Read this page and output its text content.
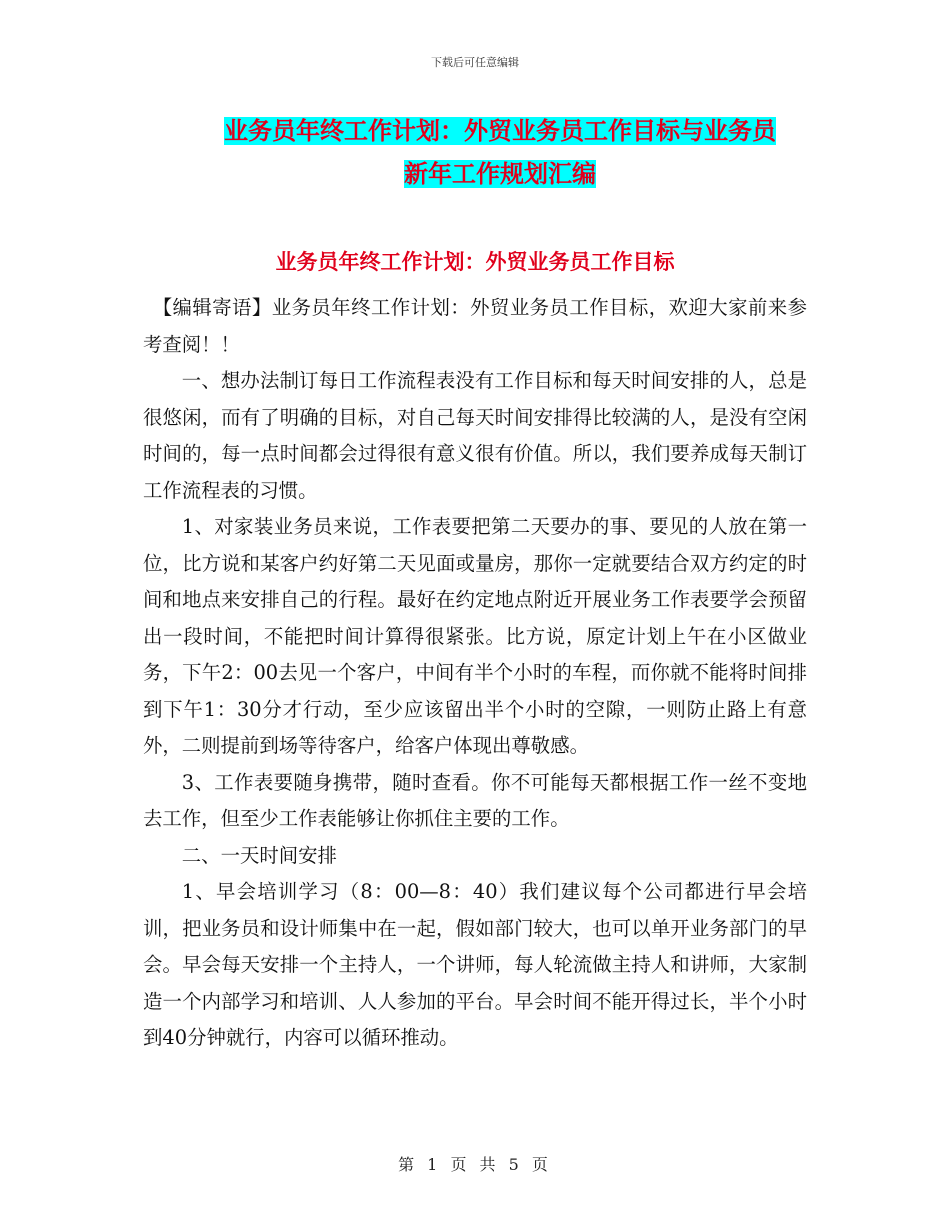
下载后可任意编辑
业务员年终工作计划：外贸业务员工作目标与业务员
新年工作规划汇编
业务员年终工作计划：外贸业务员工作目标

【编辑寄语】业务员年终工作计划：外贸业务员工作目标，欢迎大家前来参考查阅！！

一、想办法制订每日工作流程表没有工作目标和每天时间安排的人，总是很悠闲，而有了明确的目标，对自己每天时间安排得比较满的人，是没有空闲时间的，每一点时间都会过得很有意义很有价值。所以，我们要养成每天制订工作流程表的习惯。

1、对家装业务员来说，工作表要把第二天要办的事、要见的人放在第一位，比方说和某客户约好第二天见面或量房，那你一定就要结合双方约定的时间和地点来安排自己的行程。最好在约定地点附近开展业务工作表要学会预留出一段时间，不能把时间计算得很紧张。比方说，原定计划上午在小区做业务，下午2：00去见一个客户，中间有半个小时的车程，而你就不能将时间排到下午1：30分才行动，至少应该留出半个小时的空隙，一则防止路上有意外，二则提前到场等待客户，给客户体现出尊敬感。

3、工作表要随身携带，随时查看。你不可能每天都根据工作一丝不变地去工作，但至少工作表能够让你抓住主要的工作。

二、一天时间安排

1、早会培训学习（8：00—8：40）我们建议每个公司都进行早会培训，把业务员和设计师集中在一起，假如部门较大，也可以单开业务部门的早会。早会每天安排一个主持人，一个讲师，每人轮流做主持人和讲师，大家制造一个内部学习和培训、人人参加的平台。早会时间不能开得过长，半个小时到40分钟就行，内容可以循环推动。

第 1 页 共 5 页
